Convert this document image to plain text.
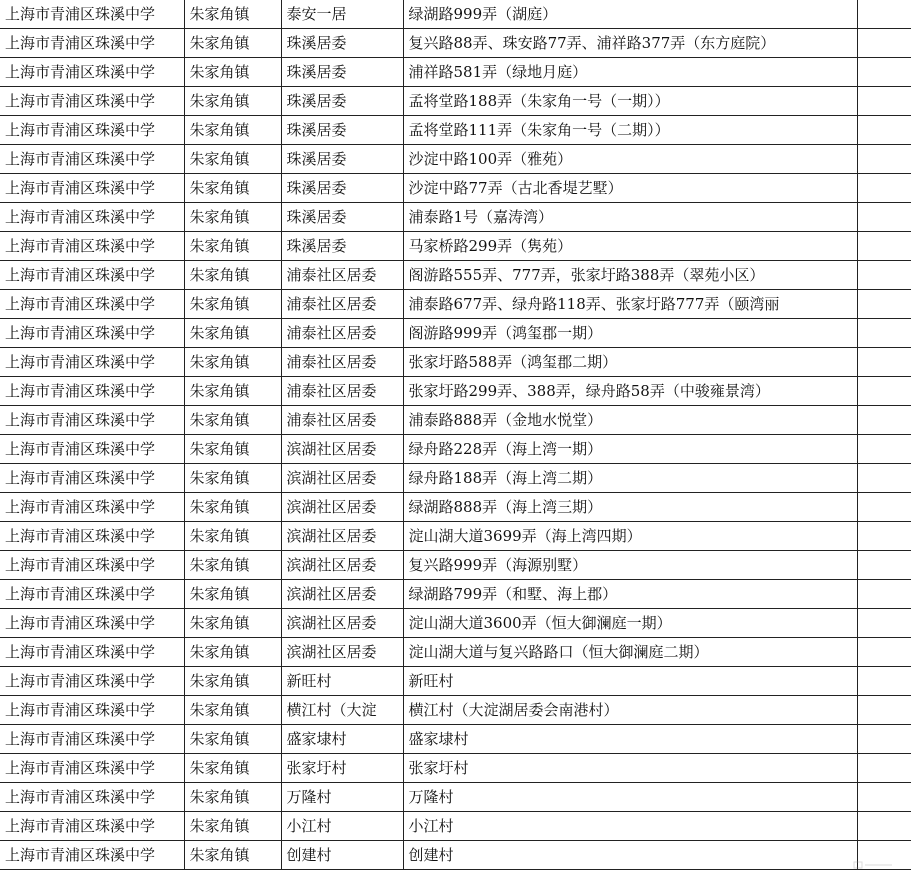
上海市青浦区珠溪中学	朱家角镇	泰安一居	绿湖路999弄（湖庭）	
上海市青浦区珠溪中学	朱家角镇	珠溪居委	复兴路88弄、珠安路77弄、浦祥路377弄（东方庭院）	
上海市青浦区珠溪中学	朱家角镇	珠溪居委	浦祥路581弄（绿地月庭）	
上海市青浦区珠溪中学	朱家角镇	珠溪居委	孟将堂路188弄（朱家角一号（一期））	
上海市青浦区珠溪中学	朱家角镇	珠溪居委	孟将堂路111弄（朱家角一号（二期））	
上海市青浦区珠溪中学	朱家角镇	珠溪居委	沙淀中路100弄（雅苑）	
上海市青浦区珠溪中学	朱家角镇	珠溪居委	沙淀中路77弄（古北香堤艺墅）	
上海市青浦区珠溪中学	朱家角镇	珠溪居委	浦泰路1号（嘉涛湾）	
上海市青浦区珠溪中学	朱家角镇	珠溪居委	马家桥路299弄（隽苑）	
上海市青浦区珠溪中学	朱家角镇	浦泰社区居委	阁游路555弄、777弄，张家圩路388弄（翠苑小区）	
上海市青浦区珠溪中学	朱家角镇	浦泰社区居委	浦泰路677弄、绿舟路118弄、张家圩路777弄（颐湾丽	
上海市青浦区珠溪中学	朱家角镇	浦泰社区居委	阁游路999弄（鸿玺郡一期）	
上海市青浦区珠溪中学	朱家角镇	浦泰社区居委	张家圩路588弄（鸿玺郡二期）	
上海市青浦区珠溪中学	朱家角镇	浦泰社区居委	张家圩路299弄、388弄，绿舟路58弄（中骏雍景湾）	
上海市青浦区珠溪中学	朱家角镇	浦泰社区居委	浦泰路888弄（金地水悦堂）	
上海市青浦区珠溪中学	朱家角镇	滨湖社区居委	绿舟路228弄（海上湾一期）	
上海市青浦区珠溪中学	朱家角镇	滨湖社区居委	绿舟路188弄（海上湾二期）	
上海市青浦区珠溪中学	朱家角镇	滨湖社区居委	绿湖路888弄（海上湾三期）	
上海市青浦区珠溪中学	朱家角镇	滨湖社区居委	淀山湖大道3699弄（海上湾四期）	
上海市青浦区珠溪中学	朱家角镇	滨湖社区居委	复兴路999弄（海源别墅）	
上海市青浦区珠溪中学	朱家角镇	滨湖社区居委	绿湖路799弄（和墅、海上郡）	
上海市青浦区珠溪中学	朱家角镇	滨湖社区居委	淀山湖大道3600弄（恒大御澜庭一期）	
上海市青浦区珠溪中学	朱家角镇	滨湖社区居委	淀山湖大道与复兴路路口（恒大御澜庭二期）	
上海市青浦区珠溪中学	朱家角镇	新旺村	新旺村	
上海市青浦区珠溪中学	朱家角镇	横江村（大淀	横江村（大淀湖居委会南港村）	
上海市青浦区珠溪中学	朱家角镇	盛家埭村	盛家埭村	
上海市青浦区珠溪中学	朱家角镇	张家圩村	张家圩村	
上海市青浦区珠溪中学	朱家角镇	万隆村	万隆村	
上海市青浦区珠溪中学	朱家角镇	小江村	小江村	
上海市青浦区珠溪中学	朱家角镇	创建村	创建村	
